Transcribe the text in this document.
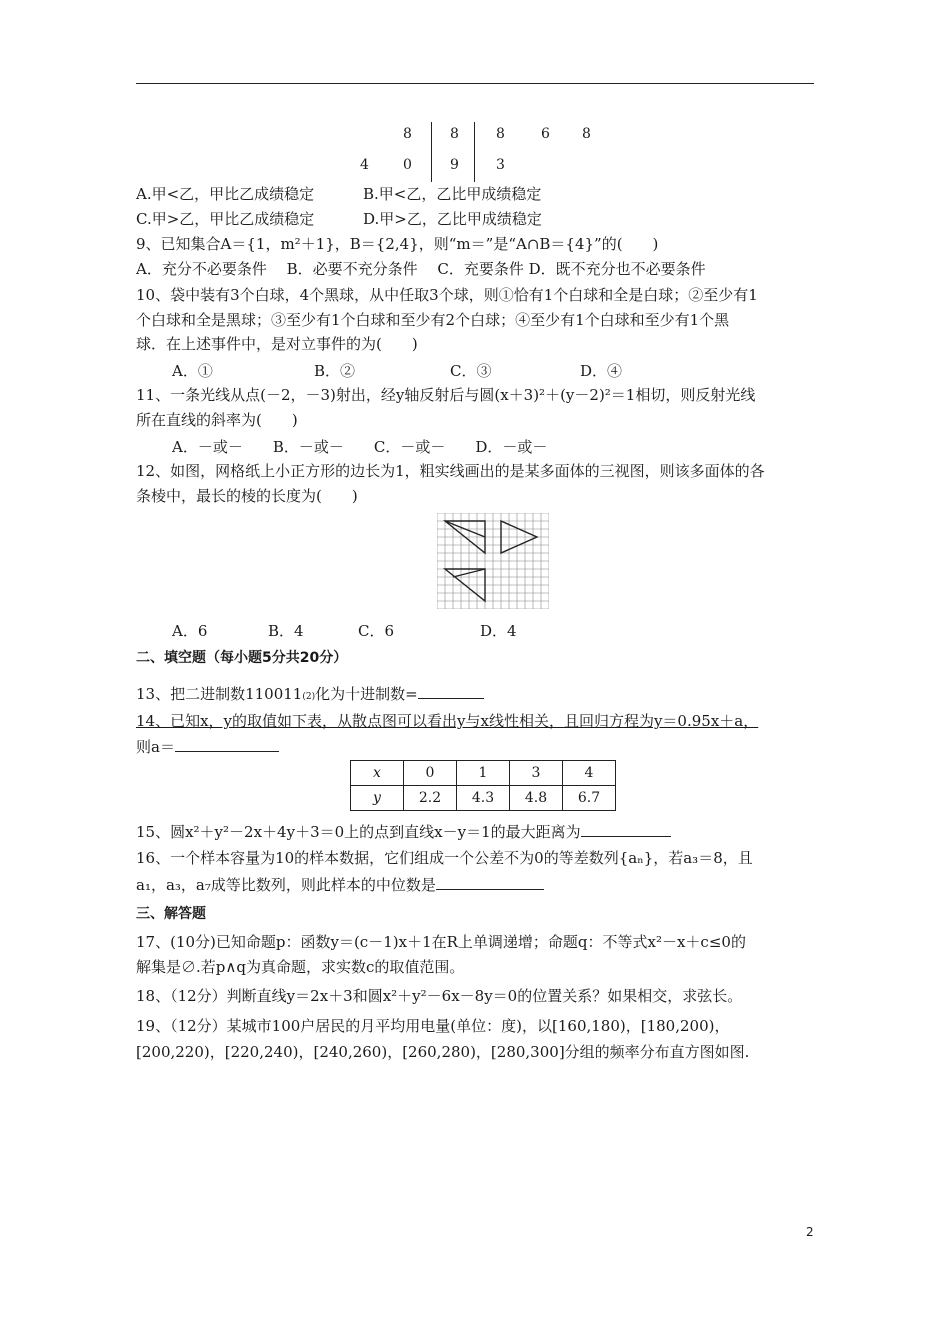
8	8	8	6 8
4 0	9	3
A.甲<乙，甲比乙成绩稳定	B.甲<乙，乙比甲成绩稳定
C.甲>乙，甲比乙成绩稳定	D.甲>乙，乙比甲成绩稳定
9、已知集合A＝{1，m²＋1}，B＝{2,4}，则“m＝”是“A∩B＝{4}”的(　　)
A．充分不必要条件　 B．必要不充分条件　 C．充要条件 D．既不充分也不必要条件
10、袋中装有3个白球，4个黑球，从中任取3个球，则①恰有1个白球和全是白球；②至少有1
个白球和全是黑球；③至少有1个白球和至少有2个白球；④至少有1个白球和至少有1个黑
球．在上述事件中，是对立事件的为(　　)
A．①	B．②	C．③	D．④
11、一条光线从点(－2，－3)射出，经y轴反射后与圆(x＋3)²＋(y－2)²＝1相切，则反射光线
所在直线的斜率为(　　)
A．－或－　　B．－或－　　C．－或－　　D．－或－
12、如图，网格纸上小正方形的边长为1，粗实线画出的是某多面体的三视图，则该多面体的各
条棱中，最长的棱的长度为(　　)
A．6	B．4	C．6	D．4
二、填空题（每小题5分共20分）
13、把二进制数110011(2)化为十进制数=
14、已知x，y的取值如下表，从散点图可以看出y与x线性相关，且回归方程为y＝0.95x＋a，
则a＝
x	0	1	3	4
y	2.2	4.3	4.8	6.7
15、圆x²＋y²－2x＋4y＋3＝0上的点到直线x－y＝1的最大距离为
16、一个样本容量为10的样本数据，它们组成一个公差不为0的等差数列{aₙ}，若a₃＝8，且
a₁，a₃，a₇成等比数列，则此样本的中位数是
三、解答题
17、(10分)已知命题p：函数y＝(c－1)x＋1在R上单调递增；命题q：不等式x²－x＋c≤0的
解集是∅.若p∧q为真命题，求实数c的取值范围。
18、（12分）判断直线y＝2x＋3和圆x²＋y²－6x－8y＝0的位置关系？如果相交，求弦长。
19、（12分）某城市100户居民的月平均用电量(单位：度)，以[160,180)，[180,200)，
[200,220)，[220,240)，[240,260)，[260,280)，[280,300]分组的频率分布直方图如图.
2
